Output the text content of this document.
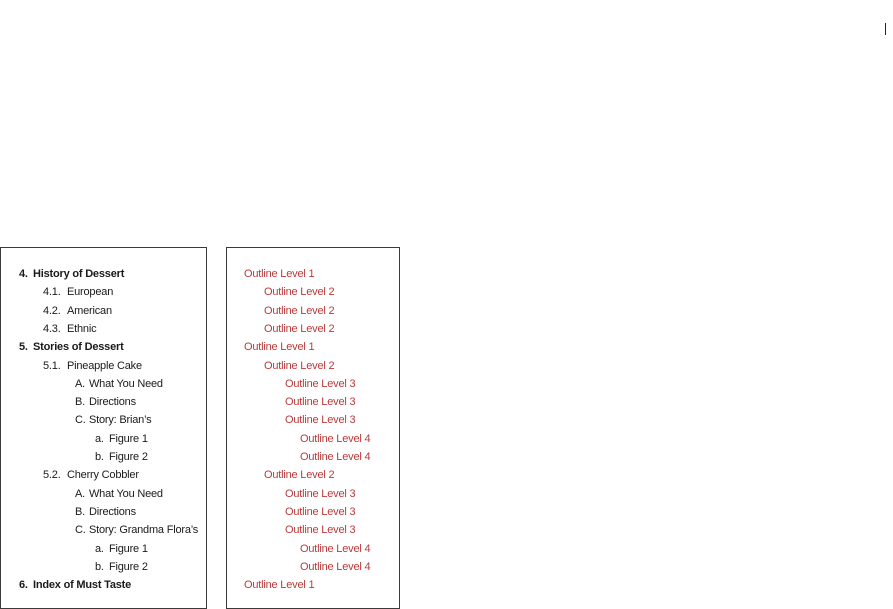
4. History of Dessert
4.1. European
4.2. American
4.3. Ethnic
5. Stories of Dessert
5.1. Pineapple Cake
A. What You Need
B. Directions
C. Story: Brian’s
a. Figure 1
b. Figure 2
5.2. Cherry Cobbler
A. What You Need
B. Directions
C. Story: Grandma Flora’s
a. Figure 1
b. Figure 2
6. Index of Must Taste
Outline Level 1
Outline Level 2
Outline Level 2
Outline Level 2
Outline Level 1
Outline Level 2
Outline Level 3
Outline Level 3
Outline Level 3
Outline Level 4
Outline Level 4
Outline Level 2
Outline Level 3
Outline Level 3
Outline Level 3
Outline Level 4
Outline Level 4
Outline Level 1
